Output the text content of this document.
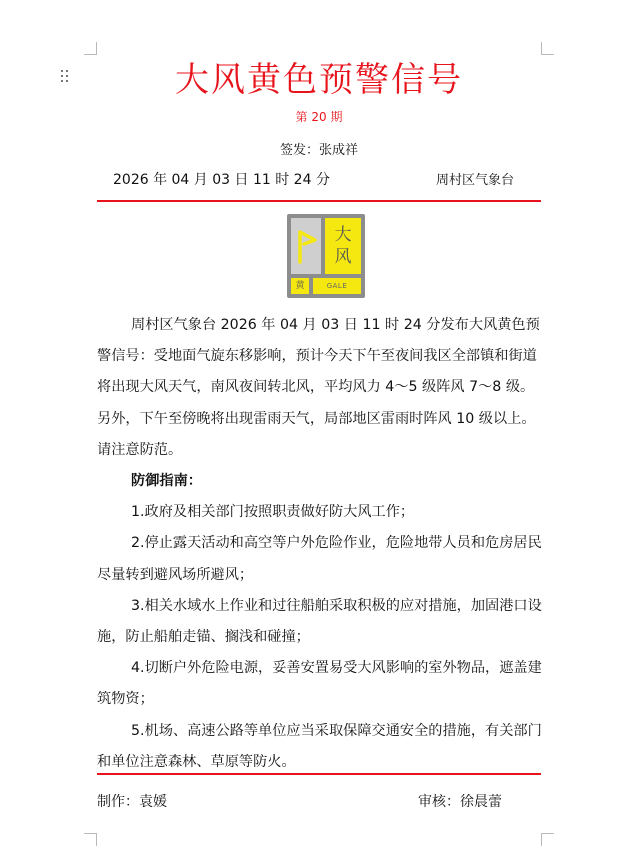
大风黄色预警信号
第 20 期
签发：张成祥
2026 年 04 月 03 日 11 时 24 分	周村区气象台
大
风
黄	GALE

周村区气象台 2026 年 04 月 03 日 11 时 24 分发布大风黄色预警信号：受地面气旋东移影响，预计今天下午至夜间我区全部镇和街道将出现大风天气，南风夜间转北风，平均风力 4～5 级阵风 7～8 级。另外，下午至傍晚将出现雷雨天气，局部地区雷雨时阵风 10 级以上。请注意防范。

防御指南：

1.政府及相关部门按照职责做好防大风工作；

2.停止露天活动和高空等户外危险作业，危险地带人员和危房居民尽量转到避风场所避风；

3.相关水域水上作业和过往船舶采取积极的应对措施，加固港口设施，防止船舶走锚、搁浅和碰撞；

4.切断户外危险电源，妥善安置易受大风影响的室外物品，遮盖建筑物资；

5.机场、高速公路等单位应当采取保障交通安全的措施，有关部门和单位注意森林、草原等防火。

制作：袁媛	审核：徐晨蕾
